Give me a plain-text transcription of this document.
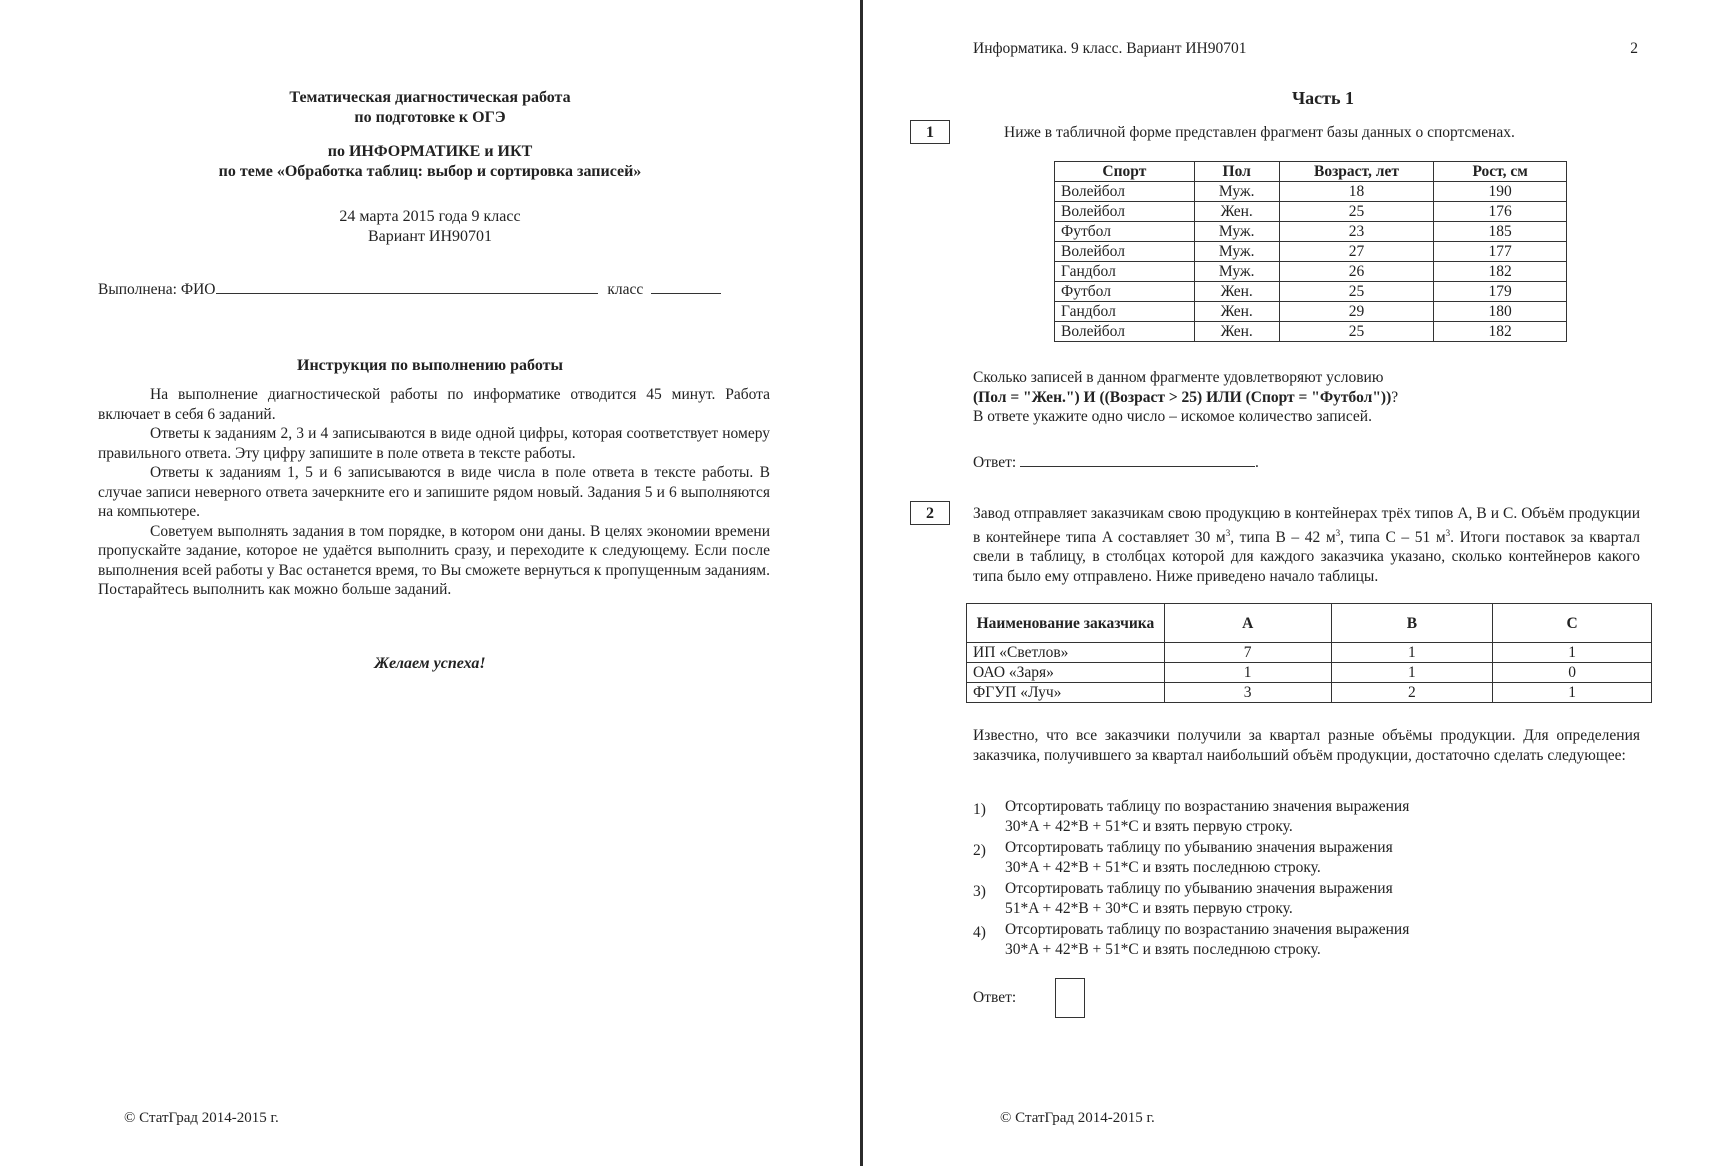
Тематическая диагностическая работа
по подготовке к ОГЭ
по ИНФОРМАТИКЕ и ИКТ
по теме «Обработка таблиц: выбор и сортировка записей»
24 марта 2015 года 9 класс
Вариант ИН90701
Выполнена: ФИО	класс
Инструкция по выполнению работы

На выполнение диагностической работы по информатике отводится 45 минут. Работа включает в себя 6 заданий.

Ответы к заданиям 2, 3 и 4 записываются в виде одной цифры, которая соответствует номеру правильного ответа. Эту цифру запишите в поле ответа в тексте работы.

Ответы к заданиям 1, 5 и 6 записываются в виде числа в поле ответа в тексте работы. В случае записи неверного ответа зачеркните его и запишите рядом новый. Задания 5 и 6 выполняются на компьютере.

Советуем выполнять задания в том порядке, в котором они даны. В целях экономии времени пропускайте задание, которое не удаётся выполнить сразу, и переходите к следующему. Если после выполнения всей работы у Вас останется время, то Вы сможете вернуться к пропущенным заданиям. Постарайтесь выполнить как можно больше заданий.

Желаем успеха!
© СтатГрад 2014-2015 г.
Информатика. 9 класс. Вариант ИН90701	2
Часть 1
1	Ниже в табличной форме представлен фрагмент базы данных о спортсменах.
Спорт	Пол	Возраст, лет	Рост, см
Волейбол	Муж.	18	190
Волейбол	Жен.	25	176
Футбол	Муж.	23	185
Волейбол	Муж.	27	177
Гандбол	Муж.	26	182
Футбол	Жен.	25	179
Гандбол	Жен.	29	180
Волейбол	Жен.	25	182
Сколько записей в данном фрагменте удовлетворяют условию
(Пол = "Жен.") И ((Возраст > 25) ИЛИ (Спорт = "Футбол"))?
В ответе укажите одно число – искомое количество записей.
Ответ:	.
2	Завод отправляет заказчикам свою продукцию в контейнерах трёх типов A, B и C. Объём продукции в контейнере типа A составляет 30 $м^3$, типа B – 42 $м^3$, типа C – 51 $м^3$. Итоги поставок за квартал свели в таблицу, в столбцах которой для каждого заказчика указано, сколько контейнеров какого типа было ему отправлено. Ниже приведено начало таблицы.
Наименование заказчика	A	B	C
ИП «Светлов»	7	1	1
ОАО «Заря»	1	1	0
ФГУП «Луч»	3	2	1
Известно, что все заказчики получили за квартал разные объёмы продукции. Для определения заказчика, получившего за квартал наибольший объём продукции, достаточно сделать следующее:
1) Отсортировать таблицу по возрастанию значения выражения
30*A + 42*B + 51*C и взять первую строку.
2) Отсортировать таблицу по убыванию значения выражения
30*A + 42*B + 51*C и взять последнюю строку.
3) Отсортировать таблицу по убыванию значения выражения
51*A + 42*B + 30*C и взять первую строку.
4) Отсортировать таблицу по возрастанию значения выражения
30*A + 42*B + 51*C и взять последнюю строку.
Ответ:
© СтатГрад 2014-2015 г.
